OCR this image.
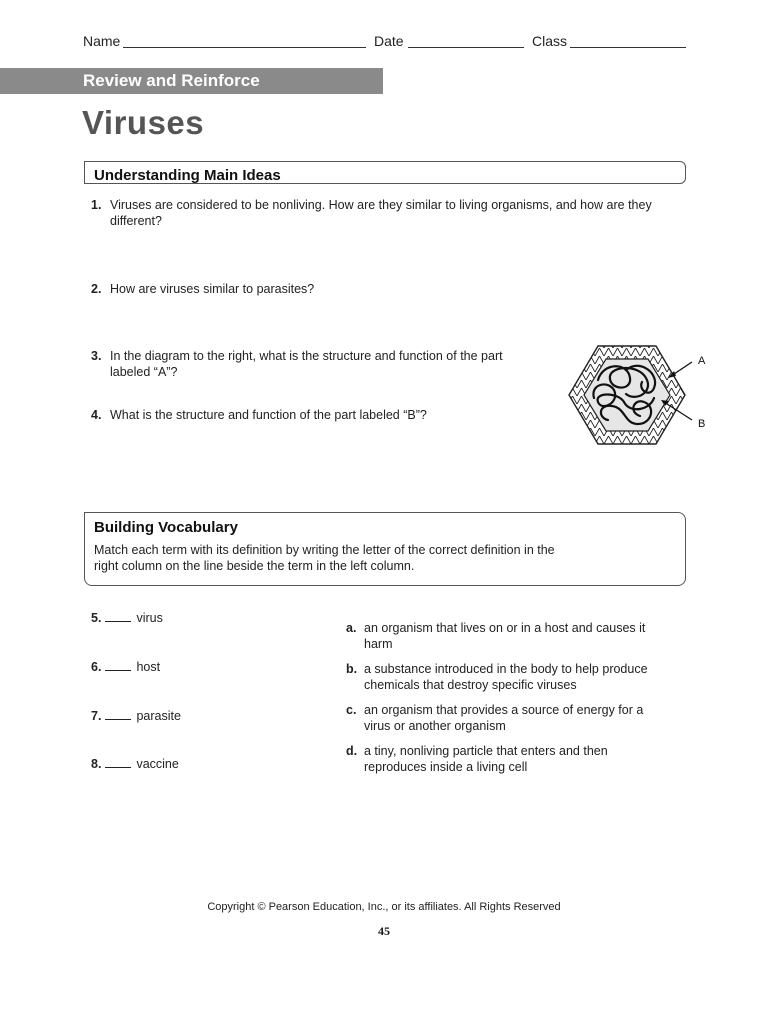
Name	Date	Class
Review and Reinforce
Viruses
Understanding Main Ideas
1. Viruses are considered to be nonliving. How are they similar to living organisms, and how are they
different?
2. How are viruses similar to parasites?
3. In the diagram to the right, what is the structure and function of the part
labeled “A”?
4. What is the structure and function of the part labeled “B”?
A
B
Building Vocabulary
Match each term with its definition by writing the letter of the correct definition in the
right column on the line beside the term in the left column.
5.	virus
6.	host
7.	parasite
8.	vaccine
a. an organism that lives on or in a host and causes it
harm
b. a substance introduced in the body to help produce
chemicals that destroy specific viruses
c. an organism that provides a source of energy for a
virus or another organism
d. a tiny, nonliving particle that enters and then
reproduces inside a living cell
Copyright © Pearson Education, Inc., or its affiliates. All Rights Reserved
45
